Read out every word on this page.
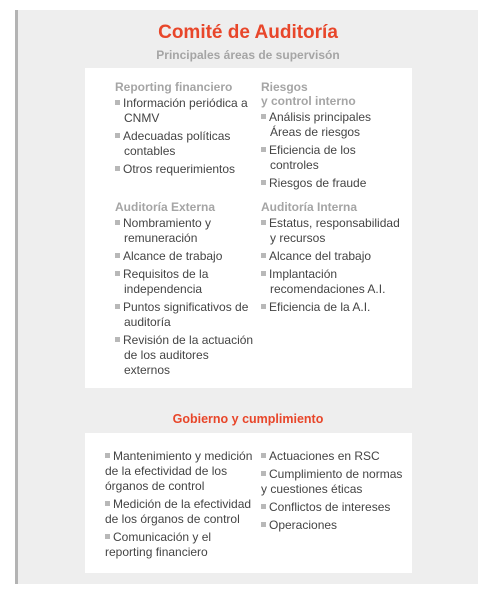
Comité de Auditoría
Principales áreas de supervisón
Reporting financiero
Información periódica a CNMV
Adecuadas políticas contables
Otros requerimientos
Riesgos
y control interno
Análisis principales Áreas de riesgos
Eficiencia de los controles
Riesgos de fraude
Auditoría Externa
Nombramiento y remuneración
Alcance de trabajo
Requisitos de la independencia
Puntos significativos de auditoría
Revisión de la actuación de los auditores externos
Auditoría Interna
Estatus, responsabilidad y recursos
Alcance del trabajo
Implantación recomendaciones A.I.
Eficiencia de la A.I.
Gobierno y cumplimiento
Mantenimiento y medición de la efectividad de los órganos de control
Medición de la efectividad de los órganos de control
Comunicación y el reporting financiero
Actuaciones en RSC
Cumplimiento de normas y cuestiones éticas
Conflictos de intereses
Operaciones
